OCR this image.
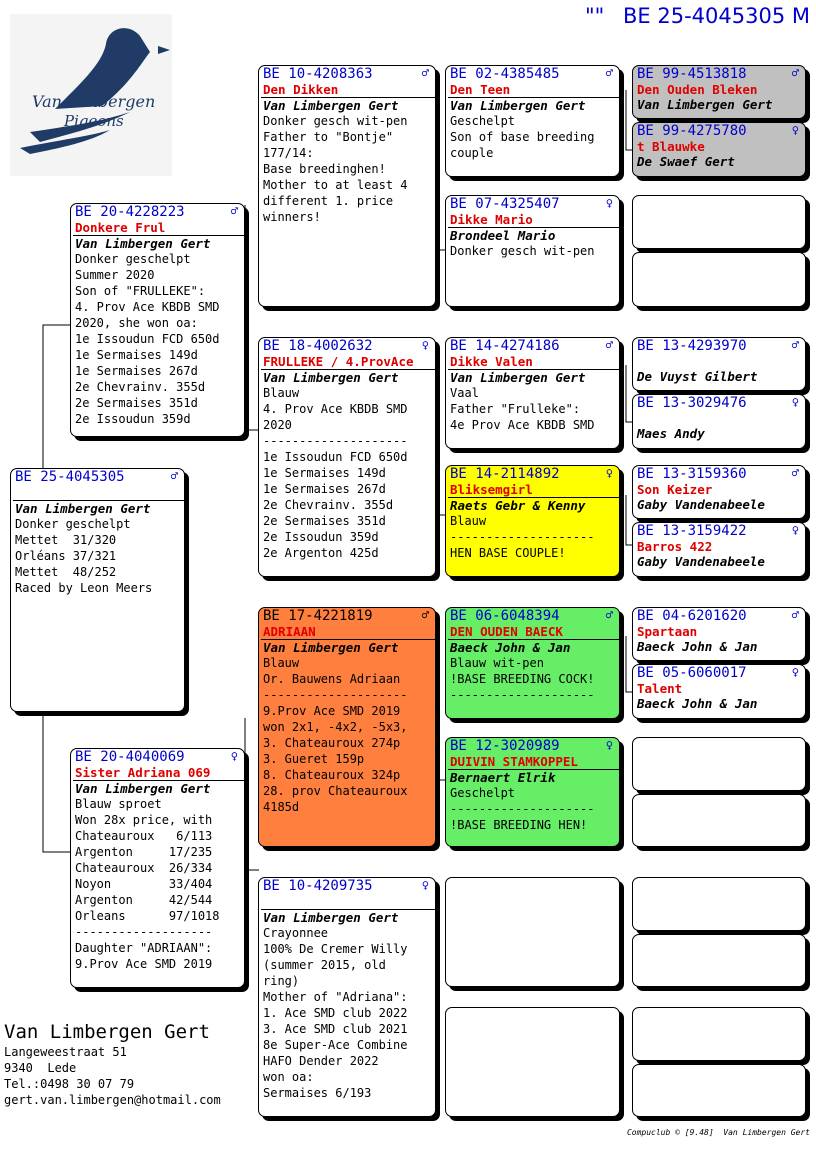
"" BE 25-4045305 M
Van Limbergen
Pigeons
BE 25-4045305	♂

Van Limbergen Gert
Donker geschelpt
Mettet  31/320
Orléans 37/321
Mettet  48/252
Raced by Leon Meers
BE 20-4228223	♂
Donkere Frul
Van Limbergen Gert
Donker geschelpt
Summer 2020
Son of "FRULLEKE":
4. Prov Ace KBDB SMD
2020, she won oa:
1e Issoudun FCD 650d
1e Sermaises 149d
1e Sermaises 267d
2e Chevrainv. 355d
2e Sermaises 351d
2e Issoudun 359d
BE 20-4040069	♀
Sister Adriana 069
Van Limbergen Gert
Blauw sproet
Won 28x price, with
Chateauroux   6/113
Argenton     17/235
Chateauroux  26/334
Noyon        33/404
Argenton     42/544
Orleans      97/1018
-------------------
Daughter "ADRIAAN":
9.Prov Ace SMD 2019
BE 10-4208363	♂
Den Dikken
Van Limbergen Gert
Donker gesch wit-pen
Father to "Bontje"
177/14:
Base breedinghen!
Mother to at least 4
different 1. price
winners!
BE 18-4002632	♀
FRULLEKE / 4.ProvAce
Van Limbergen Gert
Blauw
4. Prov Ace KBDB SMD
2020
--------------------
1e Issoudun FCD 650d
1e Sermaises 149d
1e Sermaises 267d
2e Chevrainv. 355d
2e Sermaises 351d
2e Issoudun 359d
2e Argenton 425d
BE 17-4221819	♂
ADRIAAN
Van Limbergen Gert
Blauw
Or. Bauwens Adriaan
--------------------
9.Prov Ace SMD 2019
won 2x1, -4x2, -5x3,
3. Chateauroux 274p
3. Gueret 159p
8. Chateauroux 324p
28. prov Chateauroux
4185d
BE 10-4209735	♀

Van Limbergen Gert
Crayonnee
100% De Cremer Willy
(summer 2015, old
ring)
Mother of "Adriana":
1. Ace SMD club 2022
3. Ace SMD club 2021
8e Super-Ace Combine
HAFO Dender 2022
won oa:
Sermaises 6/193
BE 02-4385485	♂
Den Teen
Van Limbergen Gert
Geschelpt
Son of base breeding
couple
BE 07-4325407	♀
Dikke Mario
Brondeel Mario
Donker gesch wit-pen
BE 14-4274186	♂
Dikke Valen
Van Limbergen Gert
Vaal
Father "Frulleke":
4e Prov Ace KBDB SMD
BE 14-2114892	♀
Bliksemgirl
Raets Gebr & Kenny
Blauw
--------------------
HEN BASE COUPLE!
BE 06-6048394	♂
DEN OUDEN BAECK
Baeck John & Jan
Blauw wit-pen
!BASE BREEDING COCK!
--------------------
BE 12-3020989	♀
DUIVIN STAMKOPPEL
Bernaert Elrik
Geschelpt
--------------------
!BASE BREEDING HEN!
BE 99-4513818	♂
Den Ouden Bleken
Van Limbergen Gert
BE 99-4275780	♀
t Blauwke
De Swaef Gert
BE 13-4293970	♂

De Vuyst Gilbert
BE 13-3029476	♀

Maes Andy
BE 13-3159360	♂
Son Keizer
Gaby Vandenabeele
BE 13-3159422	♀
Barros 422
Gaby Vandenabeele
BE 04-6201620	♂
Spartaan
Baeck John & Jan
BE 05-6060017	♀
Talent
Baeck John & Jan
Van Limbergen Gert
Langeweestraat 51
9340  Lede
Tel.:0498 30 07 79
gert.van.limbergen@hotmail.com
Compuclub © [9.48]  Van Limbergen Gert
